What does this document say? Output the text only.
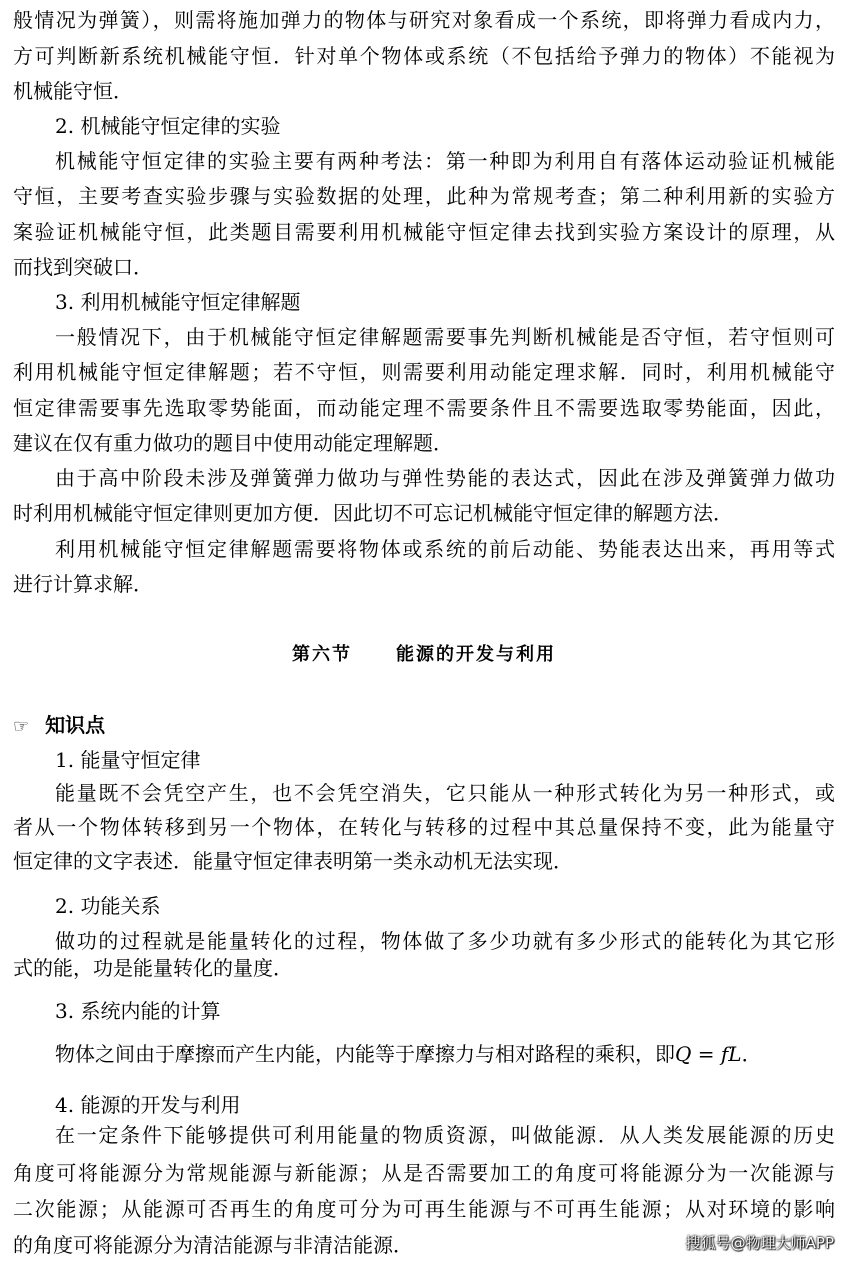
般情况为弹簧），则需将施加弹力的物体与研究对象看成一个系统，即将弹力看成内力，
方可判断新系统机械能守恒．针对单个物体或系统（不包括给予弹力的物体）不能视为
机械能守恒．
2. 机械能守恒定律的实验
机械能守恒定律的实验主要有两种考法：第一种即为利用自有落体运动验证机械能
守恒，主要考查实验步骤与实验数据的处理，此种为常规考查；第二种利用新的实验方
案验证机械能守恒，此类题目需要利用机械能守恒定律去找到实验方案设计的原理，从
而找到突破口．
3. 利用机械能守恒定律解题
一般情况下，由于机械能守恒定律解题需要事先判断机械能是否守恒，若守恒则可
利用机械能守恒定律解题；若不守恒，则需要利用动能定理求解．同时，利用机械能守
恒定律需要事先选取零势能面，而动能定理不需要条件且不需要选取零势能面，因此，
建议在仅有重力做功的题目中使用动能定理解题．
由于高中阶段未涉及弹簧弹力做功与弹性势能的表达式，因此在涉及弹簧弹力做功
时利用机械能守恒定律则更加方便．因此切不可忘记机械能守恒定律的解题方法．
利用机械能守恒定律解题需要将物体或系统的前后动能、势能表达出来，再用等式
进行计算求解．
第六节 能源的开发与利用
☞ 知识点
1. 能量守恒定律
能量既不会凭空产生，也不会凭空消失，它只能从一种形式转化为另一种形式，或
者从一个物体转移到另一个物体，在转化与转移的过程中其总量保持不变，此为能量守
恒定律的文字表述．能量守恒定律表明第一类永动机无法实现．
2. 功能关系
做功的过程就是能量转化的过程，物体做了多少功就有多少形式的能转化为其它形
式的能，功是能量转化的量度．
3. 系统内能的计算
物体之间由于摩擦而产生内能，内能等于摩擦力与相对路程的乘积，即Q = fL．
4. 能源的开发与利用
在一定条件下能够提供可利用能量的物质资源，叫做能源．从人类发展能源的历史
角度可将能源分为常规能源与新能源；从是否需要加工的角度可将能源分为一次能源与
二次能源；从能源可否再生的角度可分为可再生能源与不可再生能源；从对环境的影响
的角度可将能源分为清洁能源与非清洁能源．	搜狐号@物理大师APP
